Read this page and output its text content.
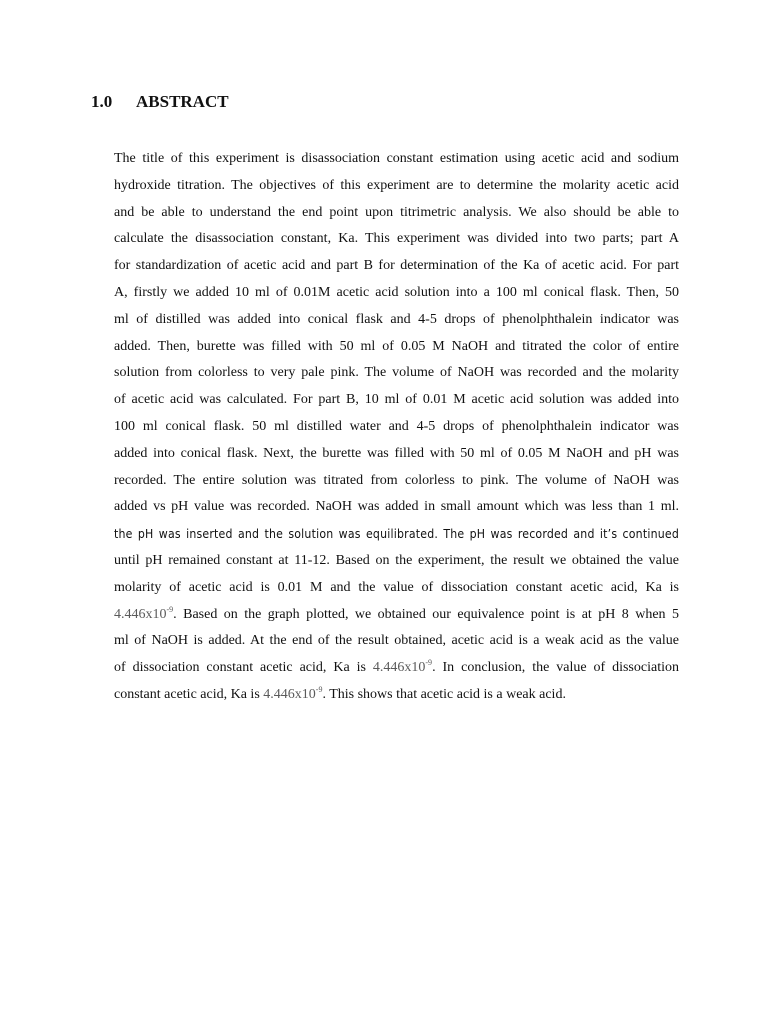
1.0 ABSTRACT
The title of this experiment is disassociation constant estimation using acetic acid and sodium
hydroxide titration. The objectives of this experiment are to determine the molarity acetic acid
and be able to understand the end point upon titrimetric analysis. We also should be able to
calculate the disassociation constant, Ka. This experiment was divided into two parts; part A
for standardization of acetic acid and part B for determination of the Ka of acetic acid. For part
A, firstly we added 10 ml of 0.01M acetic acid solution into a 100 ml conical flask. Then, 50
ml of distilled was added into conical flask and 4-5 drops of phenolphthalein indicator was
added. Then, burette was filled with 50 ml of 0.05 M NaOH and titrated the color of entire
solution from colorless to very pale pink. The volume of NaOH was recorded and the molarity
of acetic acid was calculated. For part B, 10 ml of 0.01 M acetic acid solution was added into
100 ml conical flask. 50 ml distilled water and 4-5 drops of phenolphthalein indicator was
added into conical flask. Next, the burette was filled with 50 ml of 0.05 M NaOH and pH was
recorded. The entire solution was titrated from colorless to pink. The volume of NaOH was
added vs pH value was recorded. NaOH was added in small amount which was less than 1 ml.
the pH was inserted and the solution was equilibrated. The pH was recorded and it’s continued
until pH remained constant at 11-12. Based on the experiment, the result we obtained the value
molarity of acetic acid is 0.01 M and the value of dissociation constant acetic acid, Ka is
$4.446x10^{-9}$. Based on the graph plotted, we obtained our equivalence point is at pH 8 when 5
ml of NaOH is added. At the end of the result obtained, acetic acid is a weak acid as the value
of dissociation constant acetic acid, Ka is $4.446x10^{-9}$. In conclusion, the value of dissociation
constant acetic acid, Ka is $4.446x10^{-9}$. This shows that acetic acid is a weak acid.
